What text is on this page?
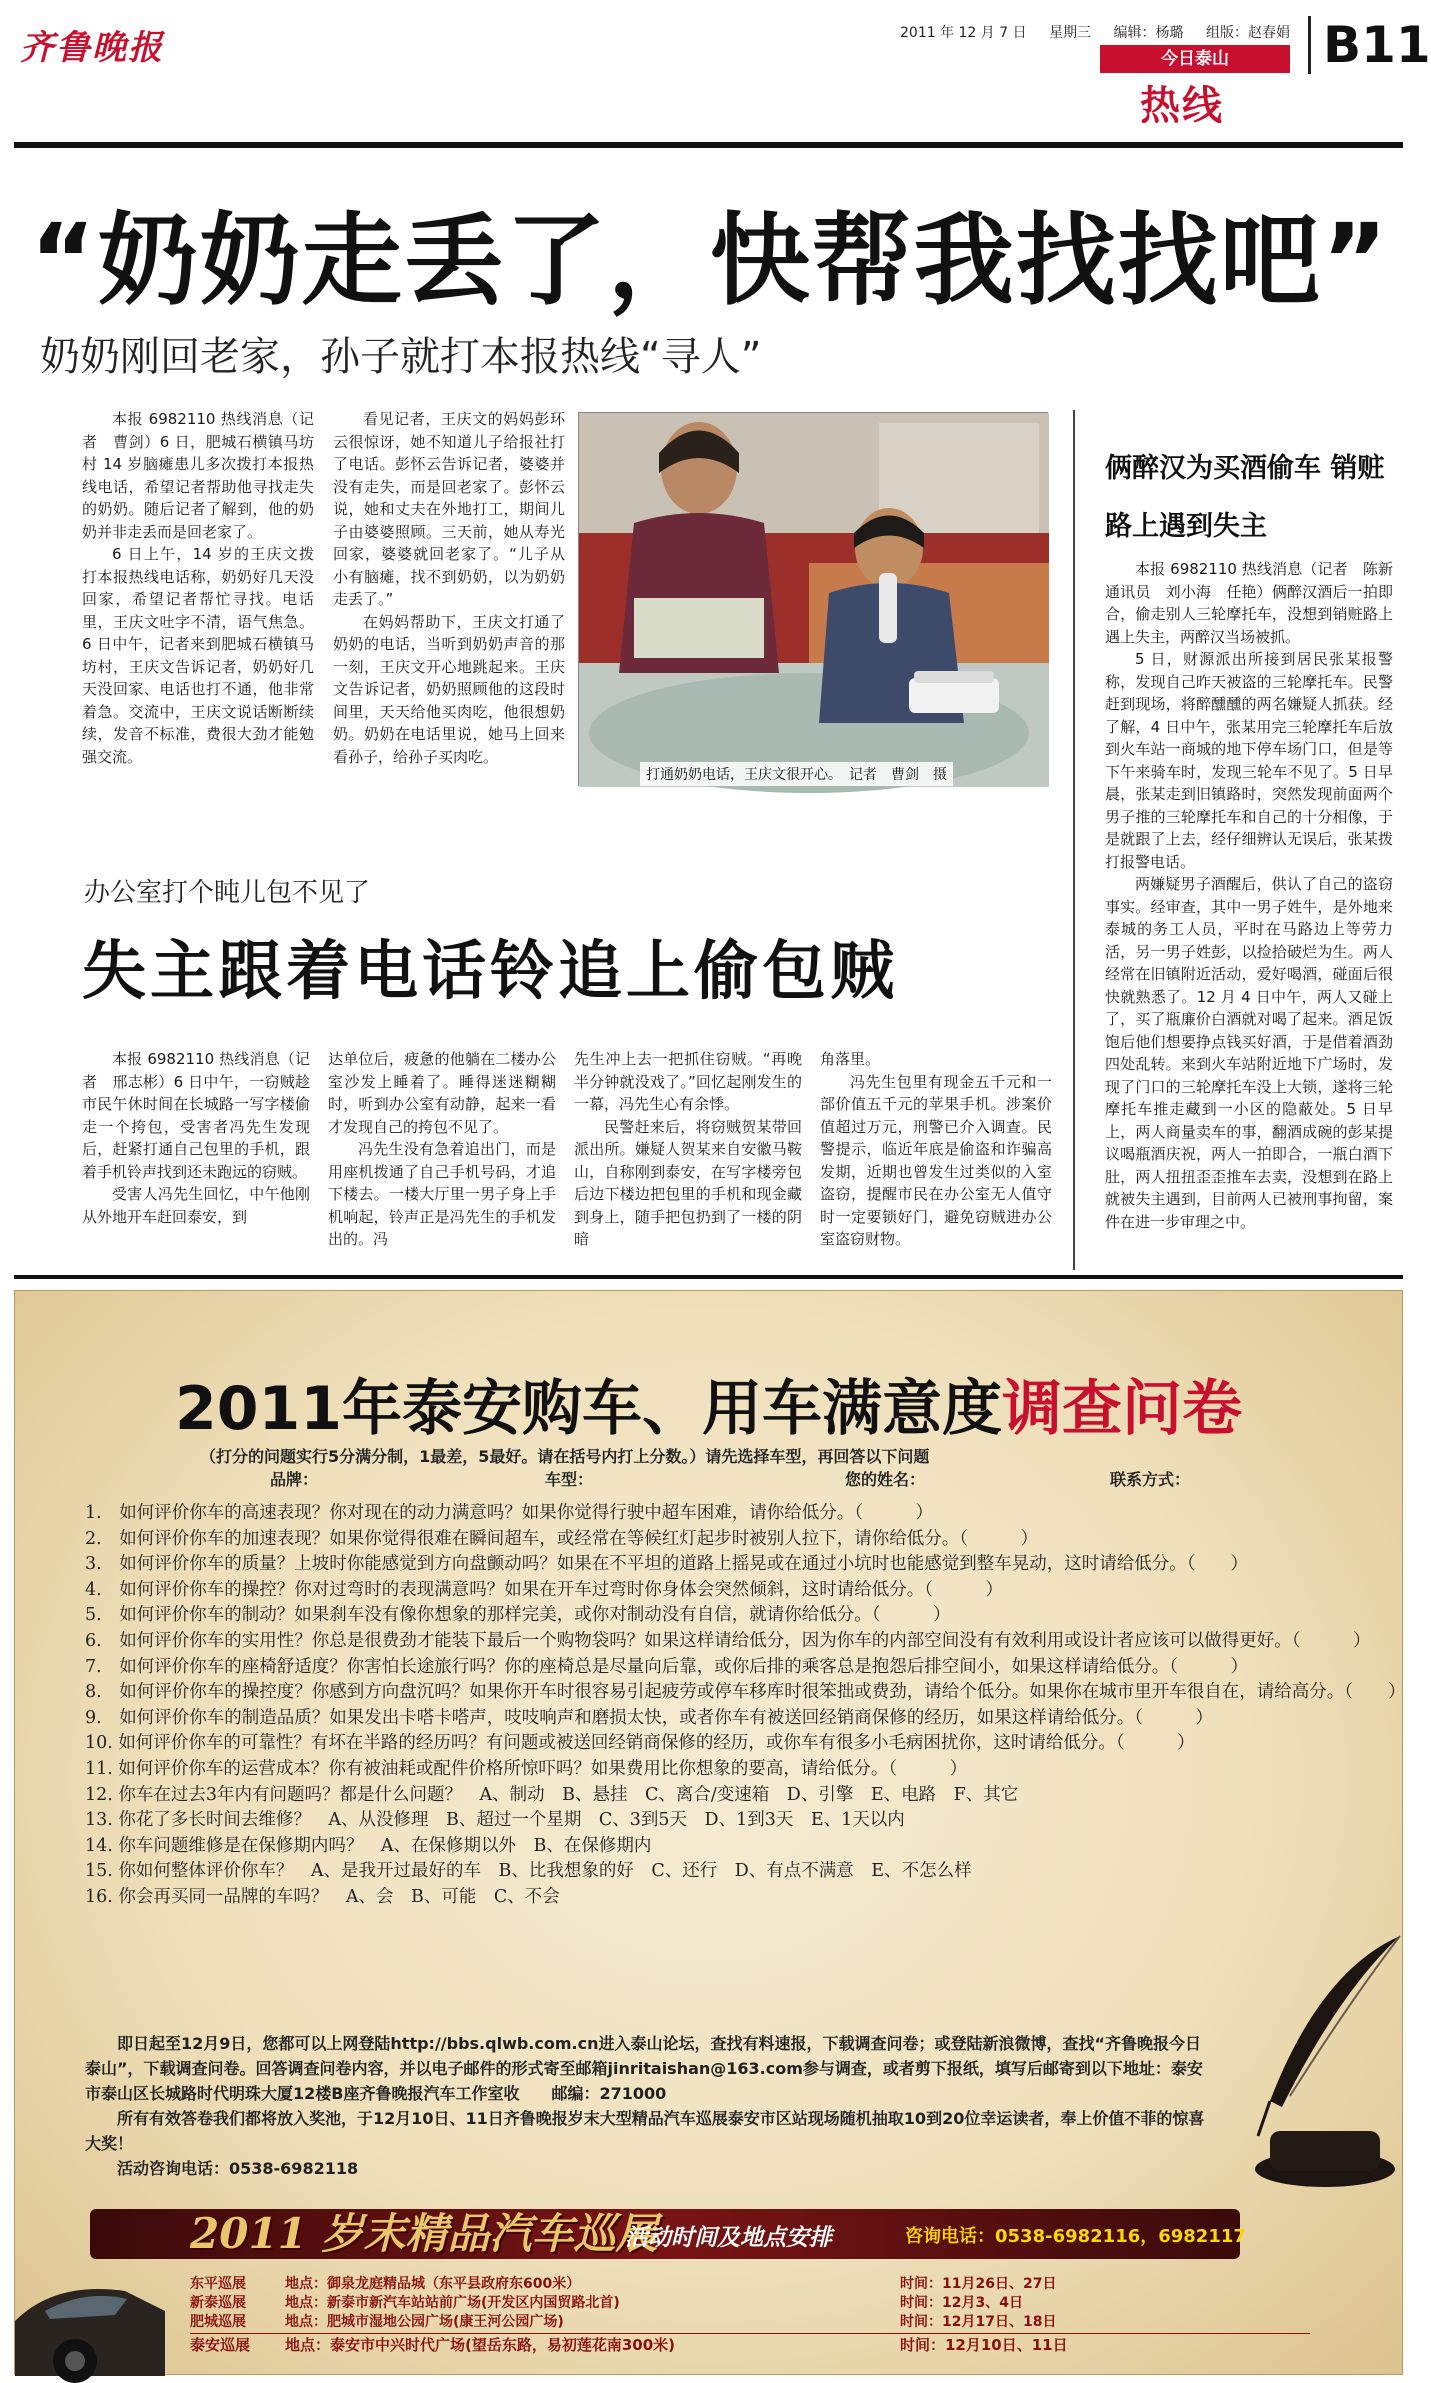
齐鲁晚报	2011 年 12 月 7 日 星期三 编辑：杨璐 组版：赵春娟
今日泰山
热线
B11
“奶奶走丢了，快帮我找找吧”
奶奶刚回老家，孙子就打本报热线“寻人”

本报 6982110 热线消息（记者　曹剑）6 日，肥城石横镇马坊村 14 岁脑瘫患儿多次拨打本报热线电话，希望记者帮助他寻找走失的奶奶。随后记者了解到，他的奶奶并非走丢而是回老家了。

6 日上午，14 岁的王庆文拨打本报热线电话称，奶奶好几天没回家，希望记者帮忙寻找。电话里，王庆文吐字不清，语气焦急。6 日中午，记者来到肥城石横镇马坊村，王庆文告诉记者，奶奶好几天没回家、电话也打不通，他非常着急。交流中，王庆文说话断断续续，发音不标准，费很大劲才能勉强交流。

看见记者，王庆文的妈妈彭环云很惊讶，她不知道儿子给报社打了电话。彭怀云告诉记者，婆婆并没有走失，而是回老家了。彭怀云说，她和丈夫在外地打工，期间儿子由婆婆照顾。三天前，她从寿光回家，婆婆就回老家了。“儿子从小有脑瘫，找不到奶奶，以为奶奶走丢了。”

在妈妈帮助下，王庆文打通了奶奶的电话，当听到奶奶声音的那一刻，王庆文开心地跳起来。王庆文告诉记者，奶奶照顾他的这段时间里，天天给他买肉吃，他很想奶奶。奶奶在电话里说，她马上回来看孙子，给孙子买肉吃。

打通奶奶电话，王庆文很开心。　记者　曹剑　摄
俩醉汉为买酒偷车 销赃路上遇到失主

本报 6982110 热线消息（记者　陈新　通讯员　刘小海　任艳）俩醉汉酒后一拍即合，偷走别人三轮摩托车，没想到销赃路上遇上失主，两醉汉当场被抓。

5 日，财源派出所接到居民张某报警称，发现自己昨天被盗的三轮摩托车。民警赶到现场，将醉醺醺的两名嫌疑人抓获。经了解，4 日中午，张某用完三轮摩托车后放到火车站一商城的地下停车场门口，但是等下午来骑车时，发现三轮车不见了。5 日早晨，张某走到旧镇路时，突然发现前面两个男子推的三轮摩托车和自己的十分相像，于是就跟了上去，经仔细辨认无误后，张某拨打报警电话。

两嫌疑男子酒醒后，供认了自己的盗窃事实。经审查，其中一男子姓牛，是外地来泰城的务工人员，平时在马路边上等劳力活，另一男子姓彭，以捡拾破烂为生。两人经常在旧镇附近活动，爱好喝酒，碰面后很快就熟悉了。12 月 4 日中午，两人又碰上了，买了瓶廉价白酒就对喝了起来。酒足饭饱后他们想要挣点钱买好酒，于是借着酒劲四处乱转。来到火车站附近地下广场时，发现了门口的三轮摩托车没上大锁，遂将三轮摩托车推走藏到一小区的隐蔽处。5 日早上，两人商量卖车的事，翻酒成碗的彭某提议喝瓶酒庆祝，两人一拍即合，一瓶白酒下肚，两人扭扭歪歪推车去卖，没想到在路上就被失主遇到，目前两人已被刑事拘留，案件在进一步审理之中。

办公室打个盹儿包不见了
失主跟着电话铃追上偷包贼

本报 6982110 热线消息（记者　邢志彬）6 日中午，一窃贼趁市民午休时间在长城路一写字楼偷走一个挎包，受害者冯先生发现后，赶紧打通自己包里的手机，跟着手机铃声找到还未跑远的窃贼。

受害人冯先生回忆，中午他刚从外地开车赶回泰安，到

达单位后，疲惫的他躺在二楼办公室沙发上睡着了。睡得迷迷糊糊时，听到办公室有动静，起来一看才发现自己的挎包不见了。

冯先生没有急着追出门，而是用座机拨通了自己手机号码，才追下楼去。一楼大厅里一男子身上手机响起，铃声正是冯先生的手机发出的。冯

先生冲上去一把抓住窃贼。“再晚半分钟就没戏了。”回忆起刚发生的一幕，冯先生心有余悸。

民警赶来后，将窃贼贺某带回派出所。嫌疑人贺某来自安徽马鞍山，自称刚到泰安，在写字楼旁包后边下楼边把包里的手机和现金藏到身上，随手把包扔到了一楼的阴暗

角落里。

冯先生包里有现金五千元和一部价值五千元的苹果手机。涉案价值超过万元，刑警已介入调查。民警提示，临近年底是偷盗和诈骗高发期，近期也曾发生过类似的入室盗窃，提醒市民在办公室无人值守时一定要锁好门，避免窃贼进办公室盗窃财物。

2011年泰安购车、用车满意度调查问卷
（打分的问题实行5分满分制，1最差，5最好。请在括号内打上分数。）请先选择车型，再回答以下问题
品牌：	车型：	您的姓名：	联系方式：

1.　如何评价你车的高速表现？你对现在的动力满意吗？如果你觉得行驶中超车困难，请你给低分。（　　　）

2.　如何评价你车的加速表现？如果你觉得很难在瞬间超车，或经常在等候红灯起步时被别人拉下，请你给低分。（　　　）

3.　如何评价你车的质量？上坡时你能感觉到方向盘颤动吗？如果在不平坦的道路上摇晃或在通过小坑时也能感觉到整车晃动，这时请给低分。（　　）

4.　如何评价你车的操控？你对过弯时的表现满意吗？如果在开车过弯时你身体会突然倾斜，这时请给低分。（　　　）

5.　如何评价你车的制动？如果刹车没有像你想象的那样完美，或你对制动没有自信，就请你给低分。（　　　）

6.　如何评价你车的实用性？你总是很费劲才能装下最后一个购物袋吗？如果这样请给低分，因为你车的内部空间没有有效利用或设计者应该可以做得更好。（　　　）

7.　如何评价你车的座椅舒适度？你害怕长途旅行吗？你的座椅总是尽量向后靠，或你后排的乘客总是抱怨后排空间小，如果这样请给低分。（　　　）

8.　如何评价你车的操控度？你感到方向盘沉吗？如果你开车时很容易引起疲劳或停车移库时很笨拙或费劲，请给个低分。如果你在城市里开车很自在，请给高分。（　　）

9.　如何评价你车的制造品质？如果发出卡嗒卡嗒声，吱吱响声和磨损太快，或者你车有被送回经销商保修的经历，如果这样请给低分。（　　　）

10. 如何评价你车的可靠性？有坏在半路的经历吗？有问题或被送回经销商保修的经历，或你车有很多小毛病困扰你，这时请给低分。（　　　）

11. 如何评价你车的运营成本？你有被油耗或配件价格所惊吓吗？如果费用比你想象的要高，请给低分。（　　　）

12. 你车在过去3年内有问题吗？都是什么问题？　A、制动　B、悬挂　C、离合/变速箱　D、引擎　E、电路　F、其它

13. 你花了多长时间去维修？　A、从没修理　B、超过一个星期　C、3到5天　D、1到3天　E、1天以内

14. 你车问题维修是在保修期内吗？　A、在保修期以外　B、在保修期内

15. 你如何整体评价你车？　A、是我开过最好的车　B、比我想象的好　C、还行　D、有点不满意　E、不怎么样

16. 你会再买同一品牌的车吗？　A、会　B、可能　C、不会

即日起至12月9日，您都可以上网登陆http://bbs.qlwb.com.cn进入泰山论坛，查找有料速报，下载调查问卷；或登陆新浪微博，查找“齐鲁晚报今日泰山”，下载调查问卷。回答调查问卷内容，并以电子邮件的形式寄至邮箱jinritaishan@163.com参与调查，或者剪下报纸，填写后邮寄到以下地址：泰安市泰山区长城路时代明珠大厦12楼B座齐鲁晚报汽车工作室收　　邮编：271000

所有有效答卷我们都将放入奖池，于12月10日、11日齐鲁晚报岁末大型精品汽车巡展泰安市区站现场随机抽取10到20位幸运读者，奉上价值不菲的惊喜大奖！

活动咨询电话：0538-6982118

2011 岁末精品汽车巡展
活动时间及地点安排	咨询电话：0538-6982116，6982117
东平巡展	地点：御泉龙庭精品城（东平县政府东600米）	时间：11月26日、27日
新泰巡展	地点：新泰市新汽车站站前广场(开发区内国贸路北首)	时间：12月3、4日
肥城巡展	地点：肥城市湿地公园广场(康王河公园广场)	时间：12月17日、18日
泰安巡展 地点：泰安市中兴时代广场(望岳东路，易初莲花南300米)	时间：12月10日、11日
